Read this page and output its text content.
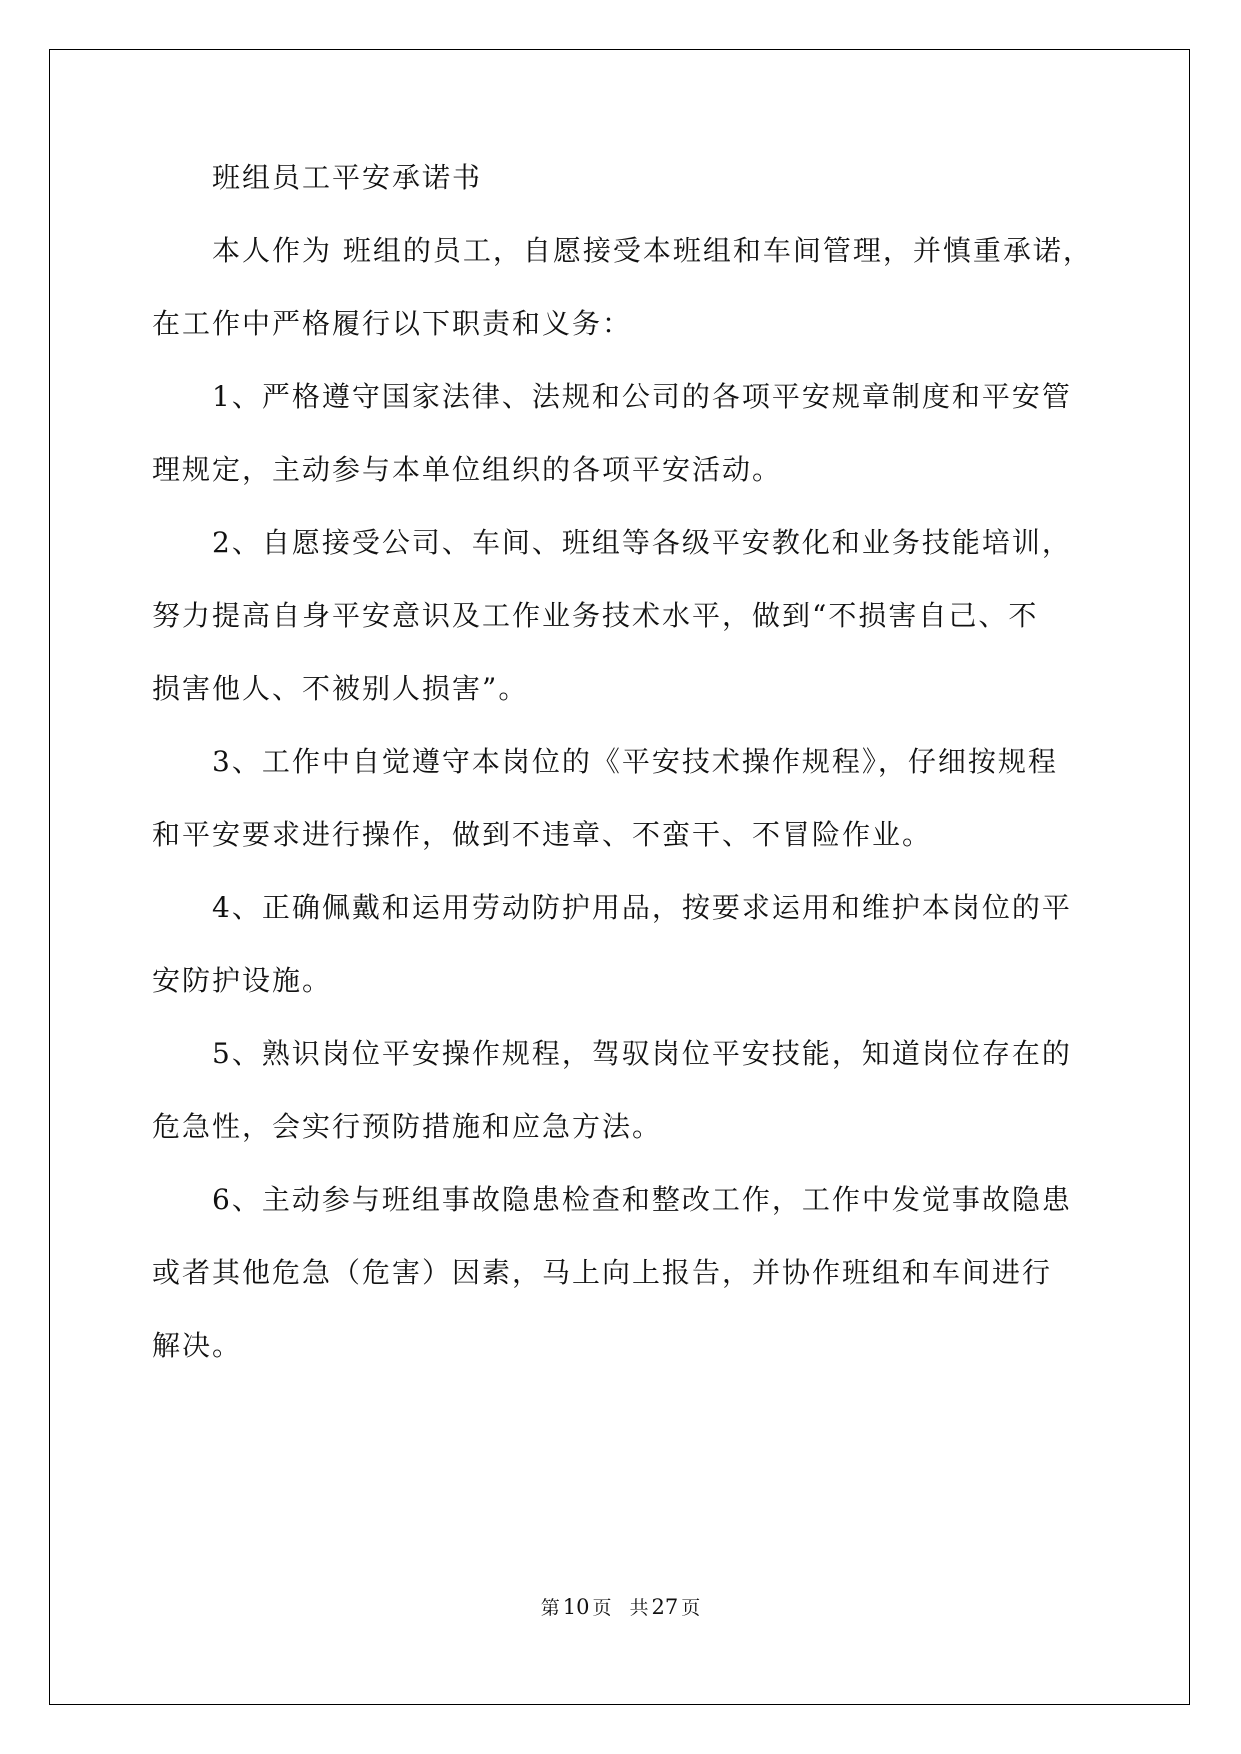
班组员工平安承诺书
本人作为 班组的员工，自愿接受本班组和车间管理，并慎重承诺，
在工作中严格履行以下职责和义务：
1、严格遵守国家法律、法规和公司的各项平安规章制度和平安管
理规定，主动参与本单位组织的各项平安活动。
2、自愿接受公司、车间、班组等各级平安教化和业务技能培训，
努力提高自身平安意识及工作业务技术水平，做到“不损害自己、不
损害他人、不被别人损害”。
3、工作中自觉遵守本岗位的《平安技术操作规程》，仔细按规程
和平安要求进行操作，做到不违章、不蛮干、不冒险作业。
4、正确佩戴和运用劳动防护用品，按要求运用和维护本岗位的平
安防护设施。
5、熟识岗位平安操作规程，驾驭岗位平安技能，知道岗位存在的
危急性，会实行预防措施和应急方法。
6、主动参与班组事故隐患检查和整改工作，工作中发觉事故隐患
或者其他危急（危害）因素，马上向上报告，并协作班组和车间进行
解决。
第 10 页 共 27 页
